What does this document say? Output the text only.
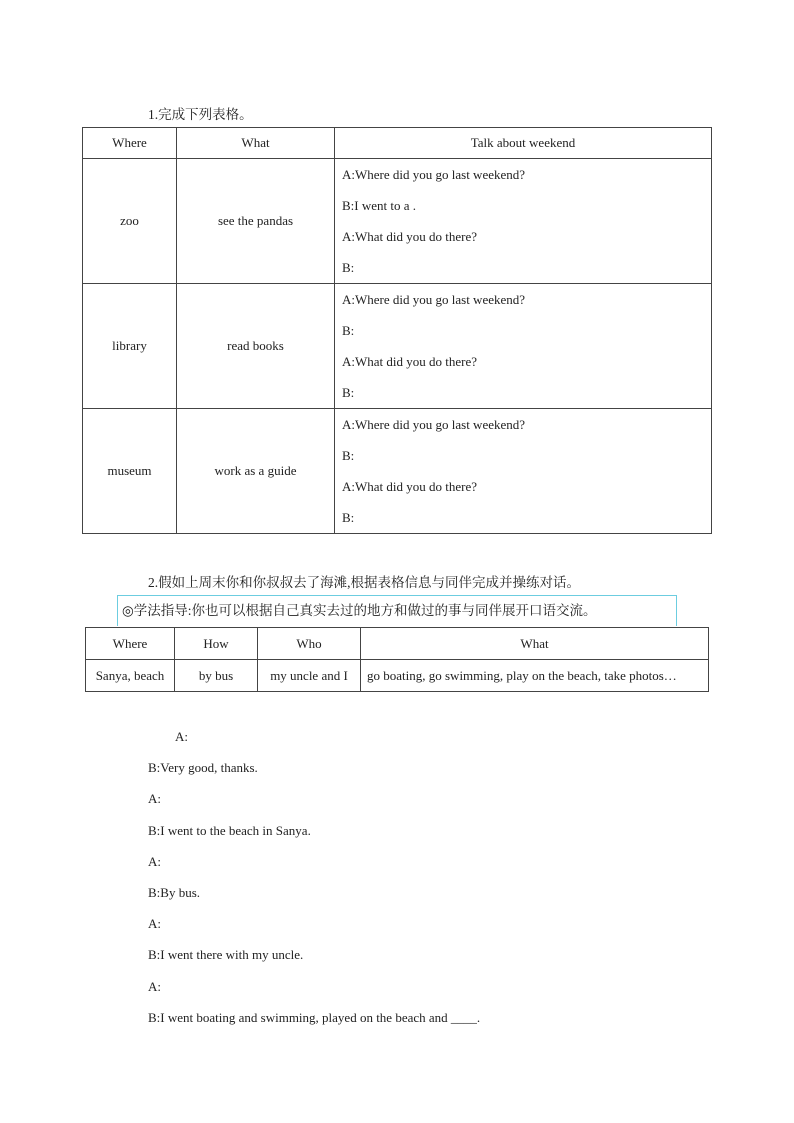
1.完成下列表格。
Where	What	Talk about weekend
zoo	see the pandas	A:Where did you go last weekend?
B:I went to a .
A:What did you do there?
B:

library	read books	A:Where did you go last weekend?
B:
A:What did you do there?
B:

museum	work as a guide	A:Where did you go last weekend?
B:
A:What did you do there?
B:
2.假如上周末你和你叔叔去了海滩,根据表格信息与同伴完成并操练对话。
◎学法指导:你也可以根据自己真实去过的地方和做过的事与同伴展开口语交流。
Where	How	Who	What
Sanya, beach	by bus	my uncle and I	go boating, go swimming, play on the beach, take photos…
A:
B:Very good, thanks.
A:
B:I went to the beach in Sanya.
A:
B:By bus.
A:
B:I went there with my uncle.
A:
B:I went boating and swimming, played on the beach and ____.
